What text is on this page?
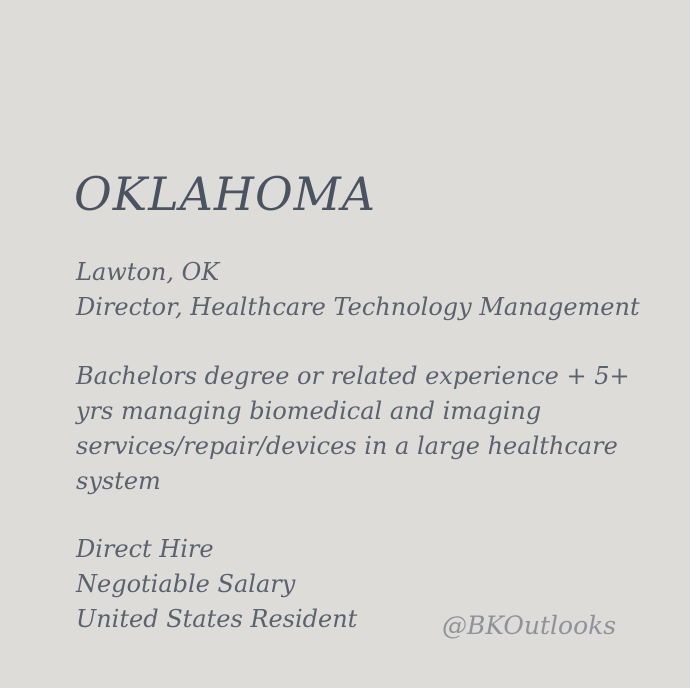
OKLAHOMA
Lawton, OK
Director, Healthcare Technology Management
Bachelors degree or related experience + 5+
yrs managing biomedical and imaging
services/repair/devices in a large healthcare
system
Direct Hire
Negotiable Salary
United States Resident	@BKOutlooks
